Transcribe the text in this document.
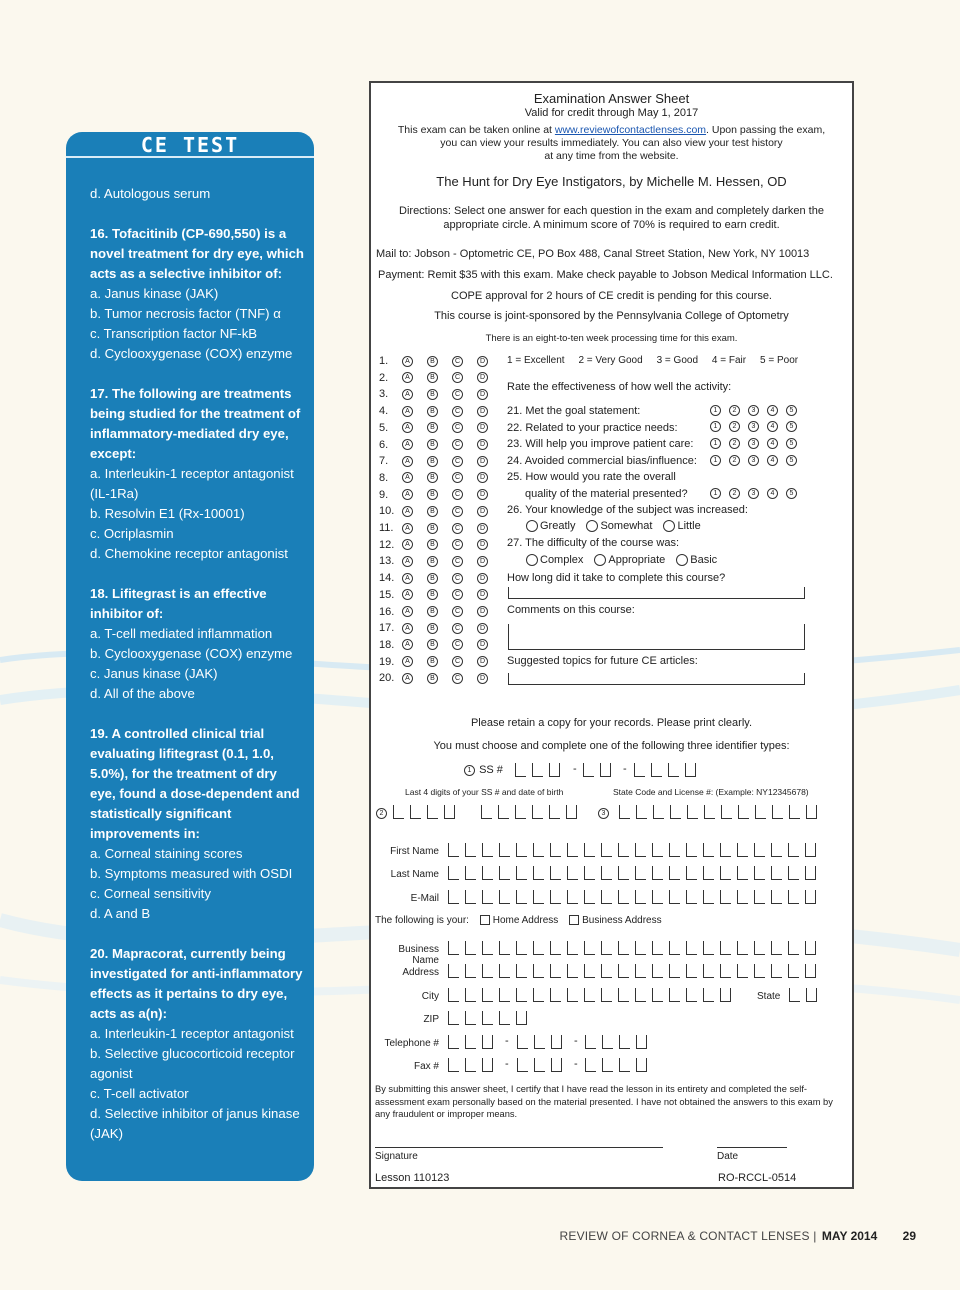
CE TEST
d. Autologous serum
16. Tofacitinib (CP-690,550) is a novel treatment for dry eye, which acts as a selective inhibitor of:
a. Janus kinase (JAK)
b. Tumor necrosis factor (TNF) α
c. Transcription factor NF-kB
d. Cyclooxygenase (COX) enzyme
17. The following are treatments being studied for the treatment of inflammatory-mediated dry eye, except:
a. Interleukin-1 receptor antagonist (IL-1Ra)
b. Resolvin E1 (Rx-10001)
c. Ocriplasmin
d. Chemokine receptor antagonist
18. Lifitegrast is an effective inhibitor of:
a. T-cell mediated inflammation
b. Cyclooxygenase (COX) enzyme
c. Janus kinase (JAK)
d. All of the above
19. A controlled clinical trial evaluating lifitegrast (0.1, 1.0, 5.0%), for the treatment of dry eye, found a dose-dependent and statistically significant improvements in:
a. Corneal staining scores
b. Symptoms measured with OSDI
c. Corneal sensitivity
d. A and B
20. Mapracorat, currently being investigated for anti-inflammatory effects as it pertains to dry eye, acts as a(n):
a. Interleukin-1 receptor antagonist
b. Selective glucocorticoid receptor agonist
c. T-cell activator
d. Selective inhibitor of janus kinase (JAK)
Examination Answer Sheet
Valid for credit through May 1, 2017
This exam can be taken online at www.reviewofcontactlenses.com. Upon passing the exam,
you can view your results immediately. You can also view your test history
at any time from the website.
The Hunt for Dry Eye Instigators, by Michelle M. Hessen, OD
Directions: Select one answer for each question in the exam and completely darken the
appropriate circle. A minimum score of 70% is required to earn credit.
Mail to: Jobson - Optometric CE, PO Box 488, Canal Street Station, New York, NY 10013
Payment: Remit $35 with this exam. Make check payable to Jobson Medical Information LLC.
COPE approval for 2 hours of CE credit is pending for this course.
This course is joint-sponsored by the Pennsylvania College of Optometry
There is an eight-to-ten week processing time for this exam.
1. A	B	C	D
2. A	B	C	D
3. A	B	C	D
4. A	B	C	D
5. A	B	C	D
6. A	B	C	D
7. A	B	C	D
8. A	B	C	D
9. A	B	C	D
10. A	B	C	D
11. A	B	C	D
12. A	B	C	D
13. A	B	C	D
14. A	B	C	D
15. A	B	C	D
16. A	B	C	D
17. A	B	C	D
18. A	B	C	D
19. A	B	C	D
20. A	B	C	D
1 = Excellent 2 = Very Good 3 = Good 4 = Fair 5 = Poor
Rate the effectiveness of how well the activity:
21. Met the goal statement:	1 2 3 4 5
22. Related to your practice needs:	1 2 3 4 5
23. Will help you improve patient care:	1 2 3 4 5
24. Avoided commercial bias/influence:	1 2 3 4 5
25. How would you rate the overall
quality of the material presented?	1 2 3 4 5
26. Your knowledge of the subject was increased:
Greatly Somewhat Little
27. The difficulty of the course was:
Complex Appropriate Basic
How long did it take to complete this course?
Comments on this course:
Suggested topics for future CE articles:
Please retain a copy for your records. Please print clearly.
You must choose and complete one of the following three identifier types:
1 SS #	-	-
Last 4 digits of your SS # and date of birth	State Code and License #: (Example: NY12345678)
2	3
First Name
Last Name
E-Mail
The following is your: Home Address Business Address
Business Name
Address
City	State
ZIP
Telephone #	-	-
Fax #	-	-
By submitting this answer sheet, I certify that I have read the lesson in its entirety and completed the self-assessment exam personally based on the material presented. I have not obtained the answers to this exam by any fraudulent or improper means.
Signature	Date
Lesson 110123	RO-RCCL-0514
REVIEW OF CORNEA & CONTACT LENSES | MAY 2014 29
